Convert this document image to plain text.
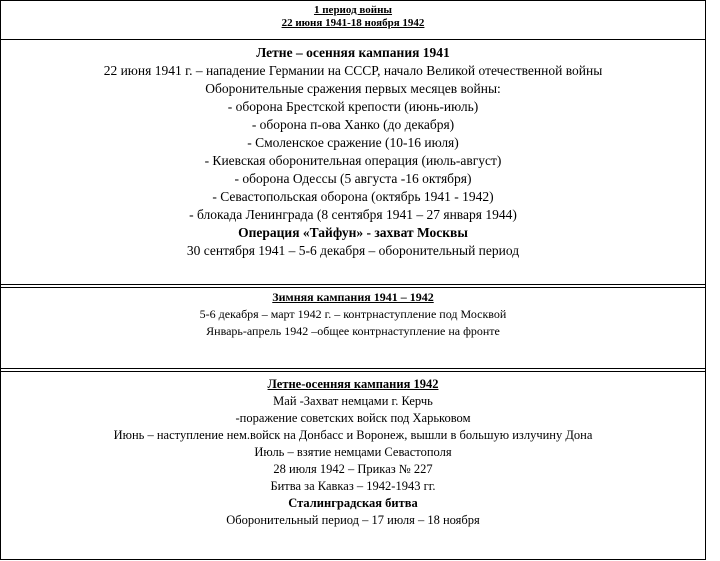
1 период войны
22 июня 1941-18 ноября 1942
Летне – осенняя кампания 1941
22 июня 1941 г. – нападение Германии на СССР, начало Великой отечественной войны
Оборонительные сражения первых месяцев войны:
- оборона Брестской крепости (июнь-июль)
- оборона п-ова Ханко (до декабря)
- Смоленское сражение (10-16 июля)
- Киевская оборонительная операция (июль-август)
- оборона Одессы (5 августа -16 октября)
- Севастопольская оборона (октябрь 1941 - 1942)
- блокада Ленинграда (8 сентября 1941 – 27 января 1944)
Операция «Тайфун» - захват Москвы
30 сентября 1941 – 5-6 декабря – оборонительный период
Зимняя кампания 1941 – 1942
5-6 декабря – март 1942 г. – контрнаступление под Москвой
Январь-апрель 1942 –общее контрнаступление на фронте
Летне-осенняя кампания 1942
Май -Захват немцами г. Керчь
-поражение советских войск под Харьковом
Июнь – наступление нем.войск на Донбасс и Воронеж, вышли в большую излучину Дона
Июль – взятие немцами Севастополя
28 июля 1942 – Приказ № 227
Битва за Кавказ – 1942-1943 гг.
Сталинградская битва
Оборонительный период – 17 июля – 18 ноября
